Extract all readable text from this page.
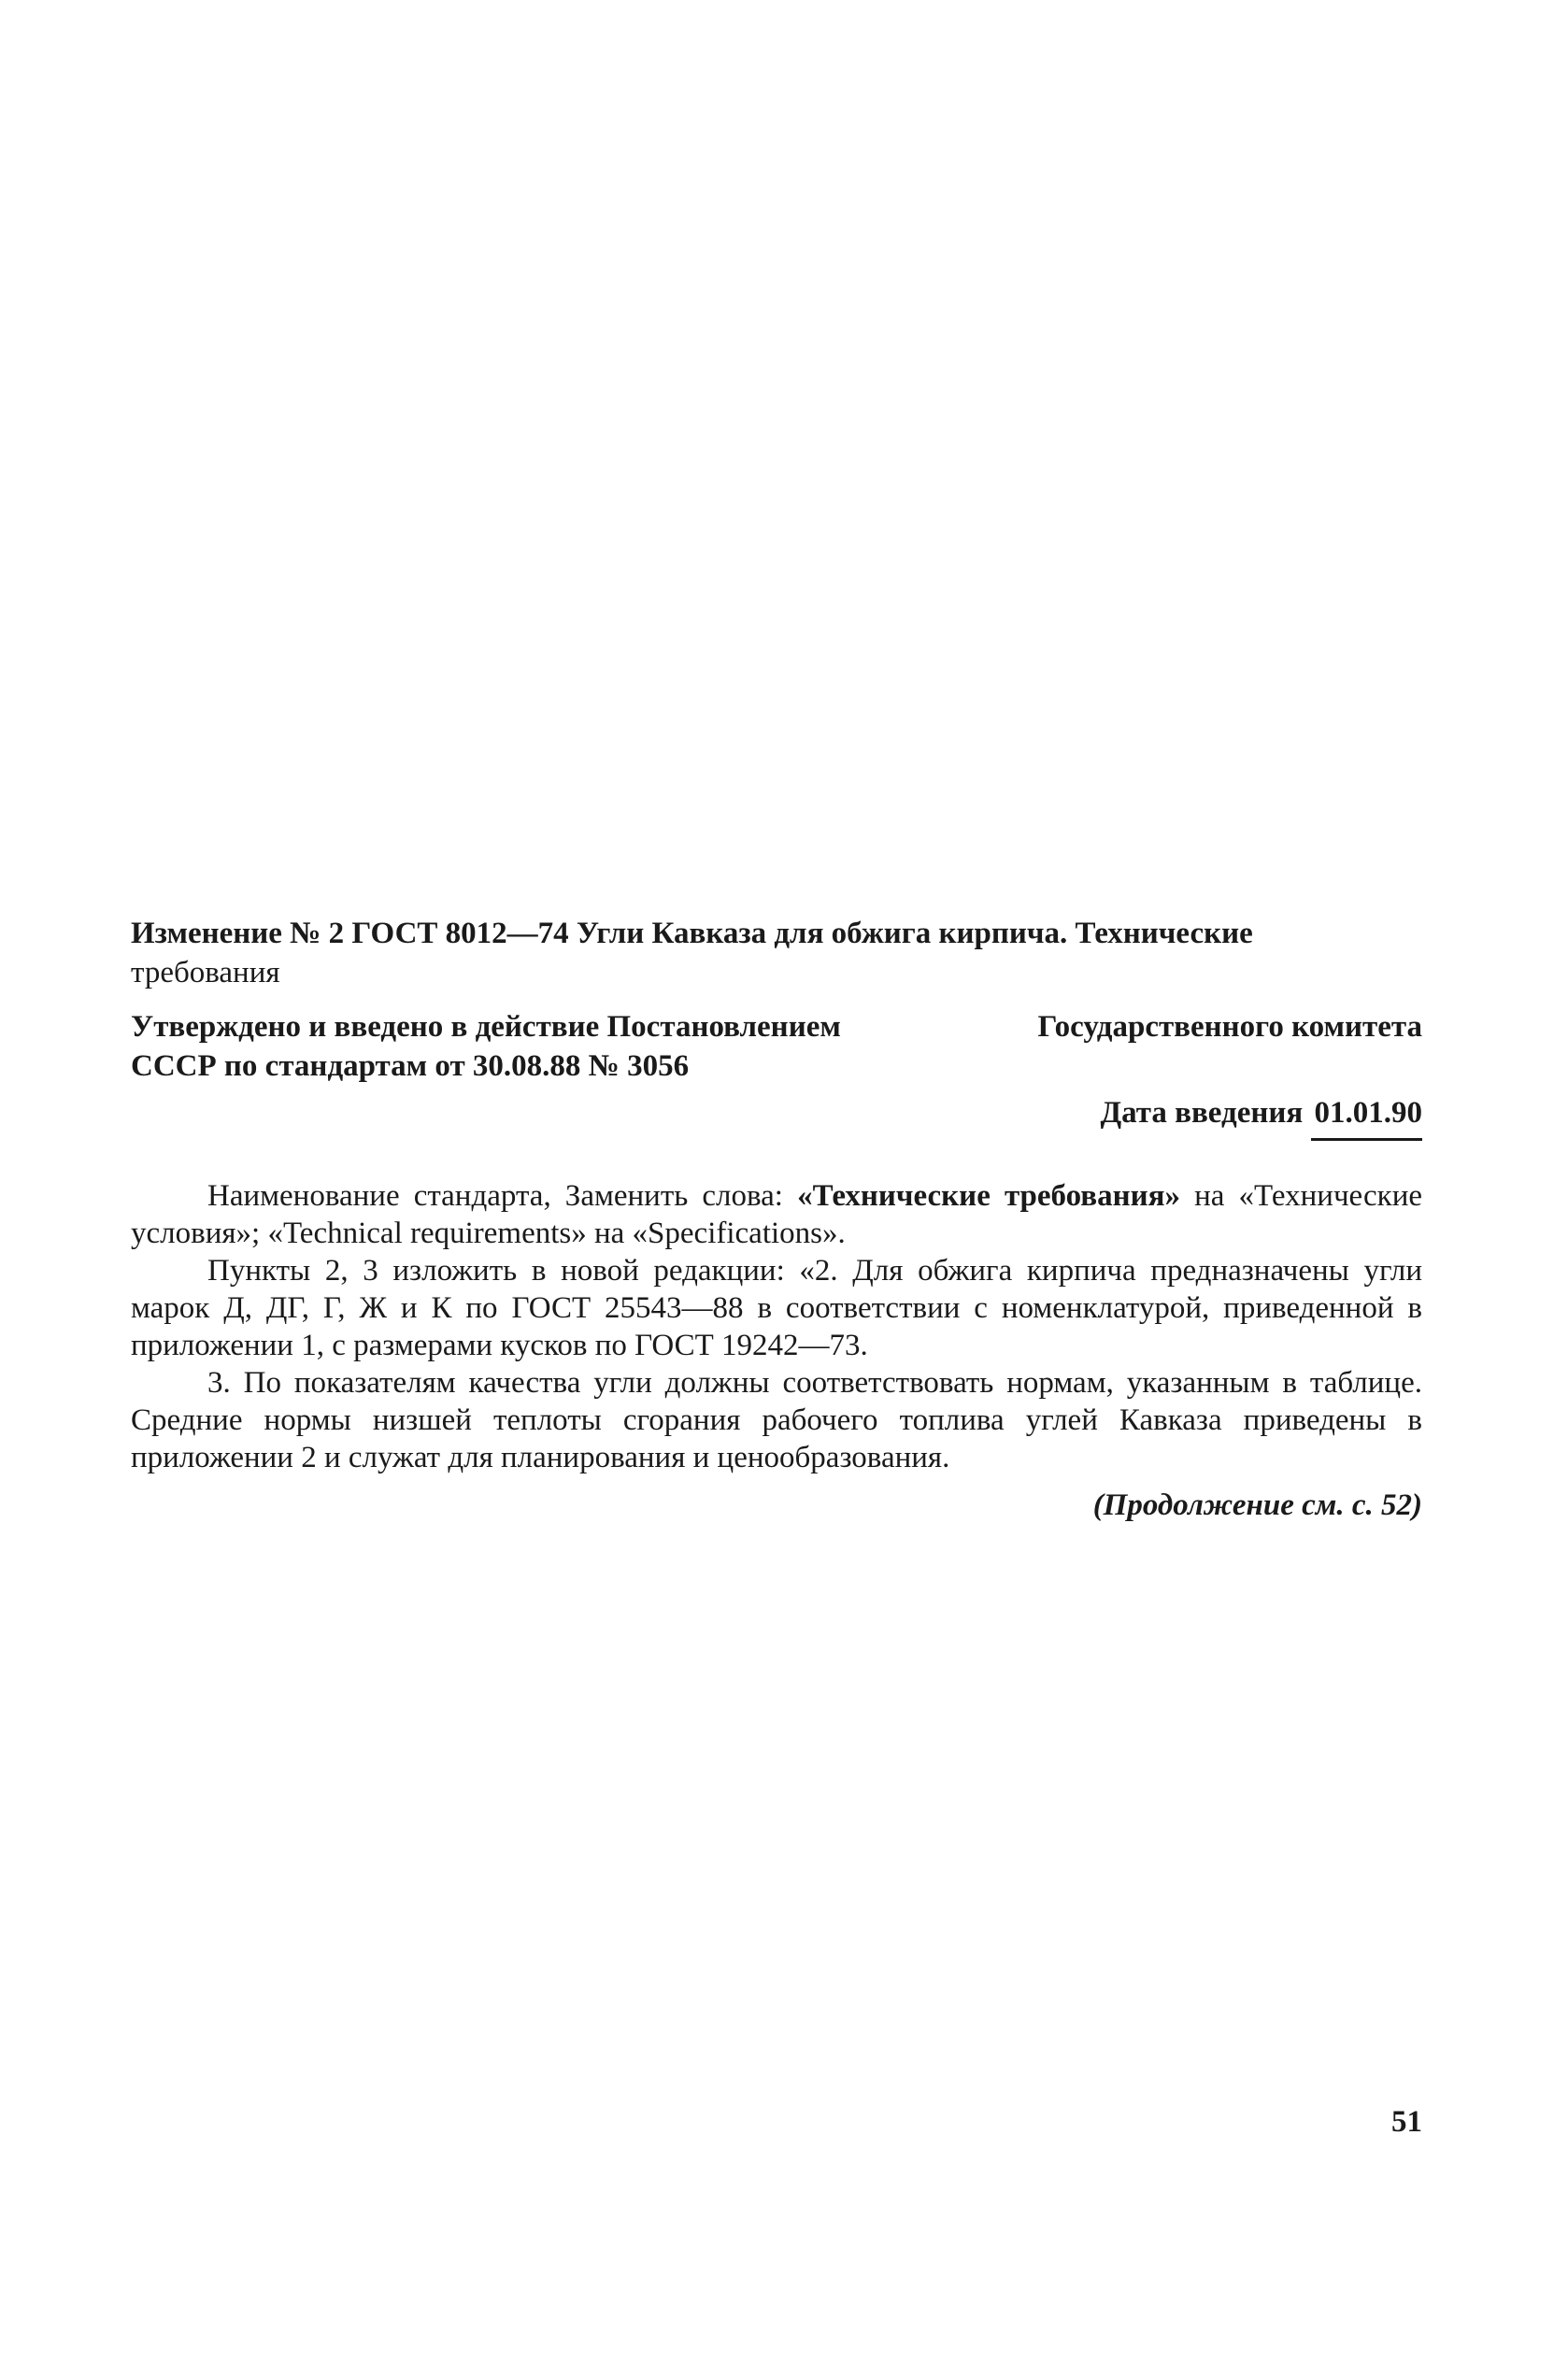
Изменение № 2 ГОСТ 8012—74 Угли Кавказа для обжига кирпича. Технические
требования
Утверждено и введено в действие Постановлением	Государственного комитета
СССР по стандартам от 30.08.88 № 3056
Дата введения 01.01.90

Наименование стандарта, Заменить слова: «Технические требования» на «Технические условия»; «Technical requirements» на «Specifications».

Пункты 2, 3 изложить в новой редакции: «2. Для обжига кирпича предназначены угли марок Д, ДГ, Г, Ж и К по ГОСТ 25543—88 в соответствии с номенклатурой, приведенной в приложении 1, с размерами кусков по ГОСТ 19242—73.

3. По показателям качества угли должны соответствовать нормам, указанным в таблице. Средние нормы низшей теплоты сгорания рабочего топлива углей Кавказа приведены в приложении 2 и служат для планирования и ценообразования.

(Продолжение см. с. 52)
51
